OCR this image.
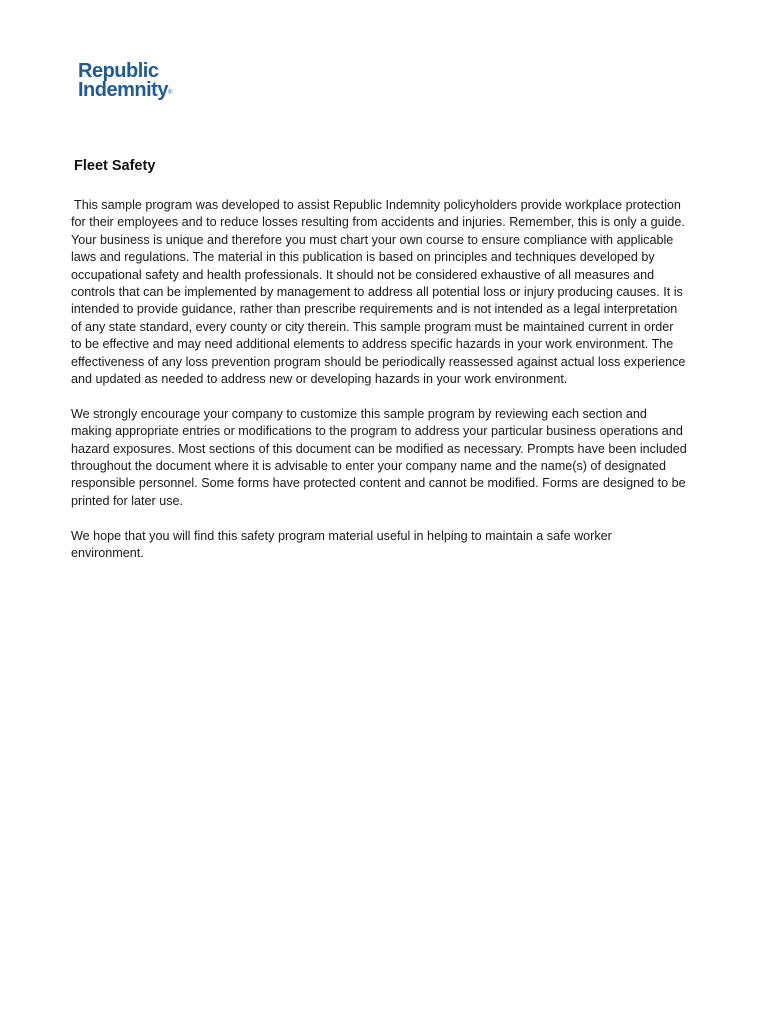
Republic
Indemnity®
Fleet Safety

This sample program was developed to assist Republic Indemnity policyholders provide workplace protection for their employees and to reduce losses resulting from accidents and injuries. Remember, this is only a guide. Your business is unique and therefore you must chart your own course to ensure compliance with applicable laws and regulations. The material in this publication is based on principles and techniques developed by occupational safety and health professionals. It should not be considered exhaustive of all measures and controls that can be implemented by management to address all potential loss or injury producing causes. It is intended to provide guidance, rather than prescribe requirements and is not intended as a legal interpretation of any state standard, every county or city therein. This sample program must be maintained current in order to be effective and may need additional elements to address specific hazards in your work environment. The effectiveness of any loss prevention program should be periodically reassessed against actual loss experience and updated as needed to address new or developing hazards in your work environment.

We strongly encourage your company to customize this sample program by reviewing each section and making appropriate entries or modifications to the program to address your particular business operations and hazard exposures. Most sections of this document can be modified as necessary. Prompts have been included throughout the document where it is advisable to enter your company name and the name(s) of designated responsible personnel. Some forms have protected content and cannot be modified. Forms are designed to be printed for later use.

We hope that you will find this safety program material useful in helping to maintain a safe worker environment.
